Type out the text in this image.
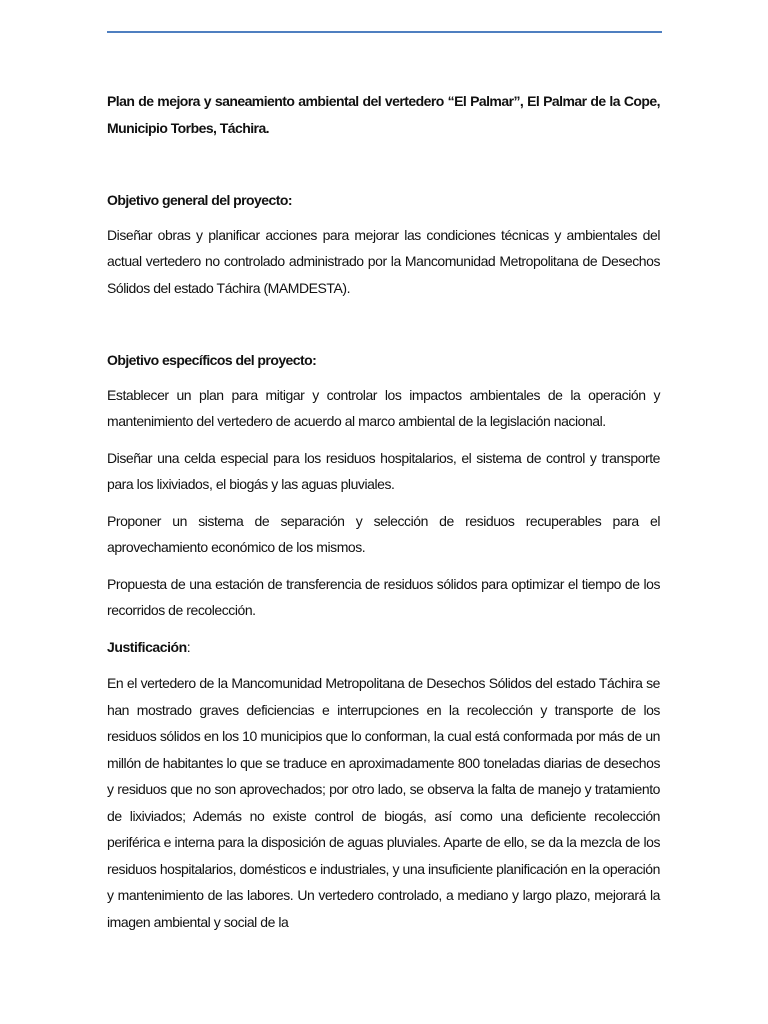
Plan de mejora y saneamiento ambiental del vertedero “El Palmar”, El Palmar de la Cope, Municipio Torbes, Táchira.

Objetivo general del proyecto:

Diseñar obras y planificar acciones para mejorar las condiciones técnicas y ambientales del actual vertedero no controlado administrado por la Mancomunidad Metropolitana de Desechos Sólidos del estado Táchira (MAMDESTA).

Objetivo específicos del proyecto:

Establecer un plan para mitigar y controlar los impactos ambientales de la operación y mantenimiento del vertedero de acuerdo al marco ambiental de la legislación nacional.

Diseñar una celda especial para los residuos hospitalarios, el sistema de control y transporte para los lixiviados, el biogás y las aguas pluviales.

Proponer un sistema de separación y selección de residuos recuperables para el aprovechamiento económico de los mismos.

Propuesta de una estación de transferencia de residuos sólidos para optimizar el tiempo de los recorridos de recolección.

Justificación:

En el vertedero de la Mancomunidad Metropolitana de Desechos Sólidos del estado Táchira se han mostrado graves deficiencias e interrupciones en la recolección y transporte de los residuos sólidos en los 10 municipios que lo conforman, la cual está conformada por más de un millón de habitantes lo que se traduce en aproximadamente 800 toneladas diarias de desechos y residuos que no son aprovechados; por otro lado, se observa la falta de manejo y tratamiento de lixiviados; Además no existe control de biogás, así como una deficiente recolección periférica e interna para la disposición de aguas pluviales. Aparte de ello, se da la mezcla de los residuos hospitalarios, domésticos e industriales, y una insuficiente planificación en la operación y mantenimiento de las labores. Un vertedero controlado, a mediano y largo plazo, mejorará la imagen ambiental y social de la
